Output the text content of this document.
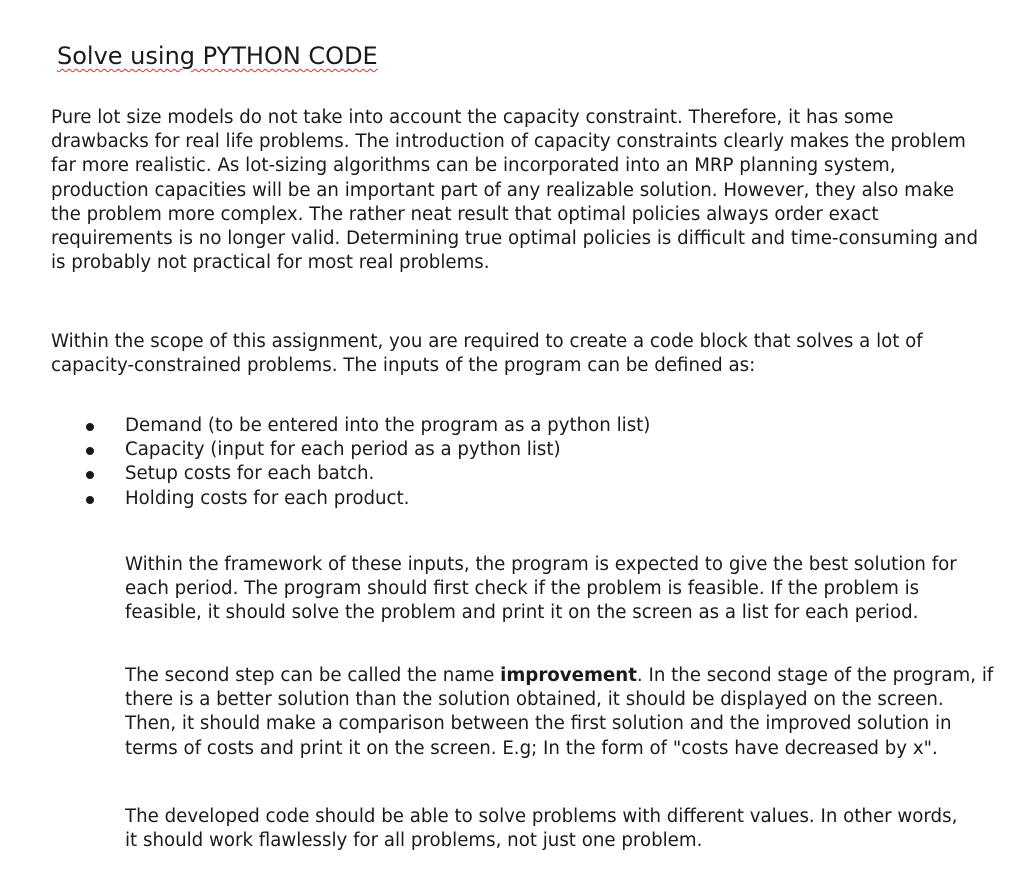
Solve using PYTHON CODE

Pure lot size models do not take into account the capacity constraint. Therefore, it has some
drawbacks for real life problems. The introduction of capacity constraints clearly makes the problem
far more realistic. As lot-sizing algorithms can be incorporated into an MRP planning system,
production capacities will be an important part of any realizable solution. However, they also make
the problem more complex. The rather neat result that optimal policies always order exact
requirements is no longer valid. Determining true optimal policies is difficult and time-consuming and
is probably not practical for most real problems.

Within the scope of this assignment, you are required to create a code block that solves a lot of
capacity-constrained problems. The inputs of the program can be defined as:

Demand (to be entered into the program as a python list)
Capacity (input for each period as a python list)
Setup costs for each batch.
Holding costs for each product.

Within the framework of these inputs, the program is expected to give the best solution for
each period. The program should first check if the problem is feasible. If the problem is
feasible, it should solve the problem and print it on the screen as a list for each period.

The second step can be called the name improvement. In the second stage of the program, if
there is a better solution than the solution obtained, it should be displayed on the screen.
Then, it should make a comparison between the first solution and the improved solution in
terms of costs and print it on the screen. E.g; In the form of "costs have decreased by x".

The developed code should be able to solve problems with different values. In other words,
it should work flawlessly for all problems, not just one problem.
